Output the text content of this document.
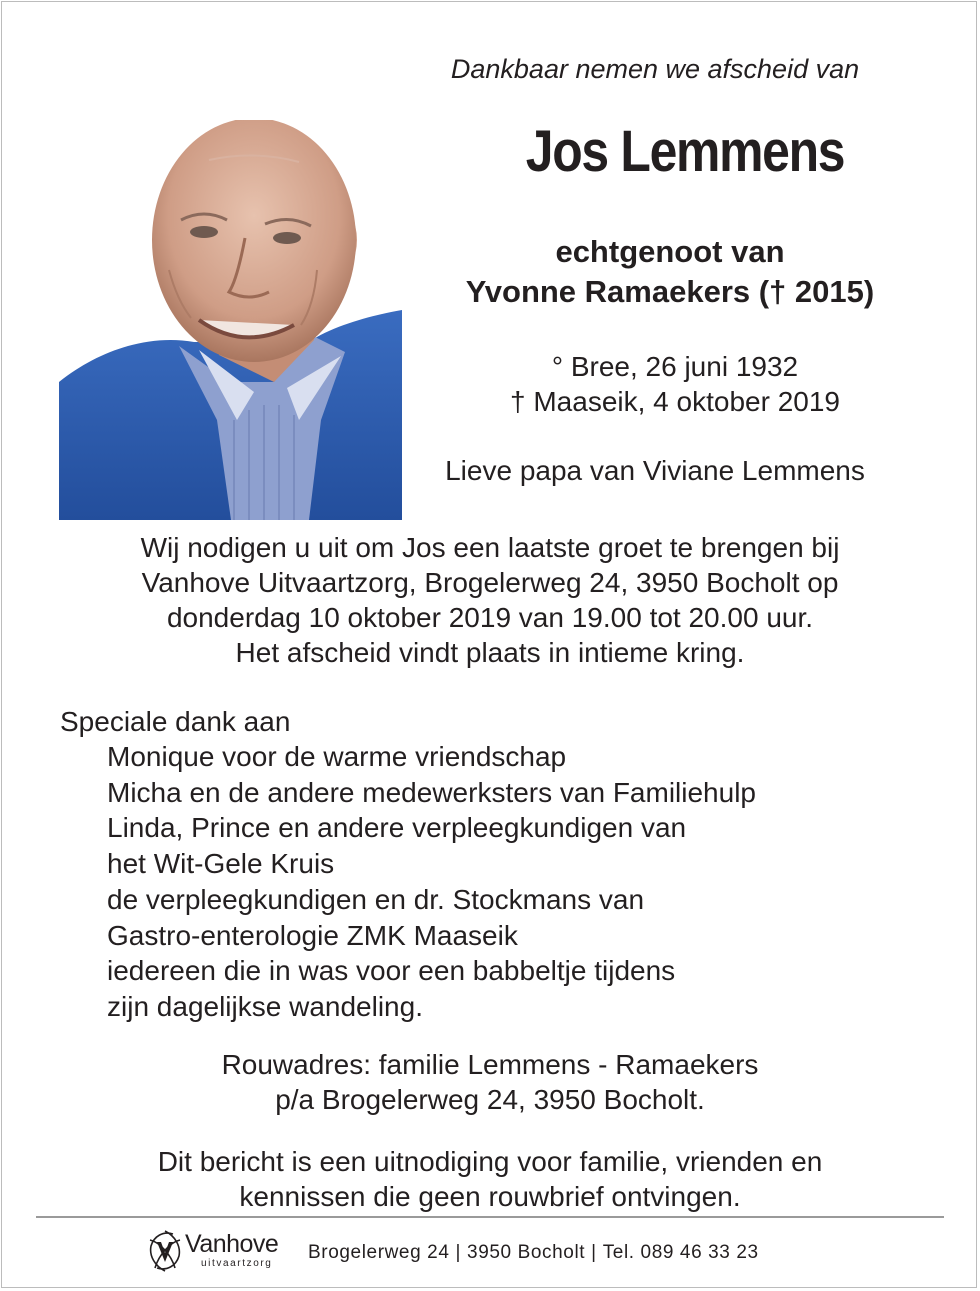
Dankbaar nemen we afscheid van
Jos Lemmens
echtgenoot van
Yvonne Ramaekers († 2015)
° Bree, 26 juni 1932
† Maaseik, 4 oktober 2019
Lieve papa van Viviane Lemmens
Wij nodigen u uit om Jos een laatste groet te brengen bij
Vanhove Uitvaartzorg, Brogelerweg 24, 3950 Bocholt op
donderdag 10 oktober 2019 van 19.00 tot 20.00 uur.
Het afscheid vindt plaats in intieme kring.
Speciale dank aan
Monique voor de warme vriendschap
Micha en de andere medewerksters van Familiehulp
Linda, Prince en andere verpleegkundigen van
het Wit-Gele Kruis
de verpleegkundigen en dr. Stockmans van
Gastro-enterologie ZMK Maaseik
iedereen die in was voor een babbeltje tijdens
zijn dagelijkse wandeling.
Rouwadres: familie Lemmens - Ramaekers
p/a Brogelerweg 24, 3950 Bocholt.
Dit bericht is een uitnodiging voor familie, vrienden en
kennissen die geen rouwbrief ontvingen.
Vanhove
uitvaartzorg
Brogelerweg 24 | 3950 Bocholt | Tel. 089 46 33 23
